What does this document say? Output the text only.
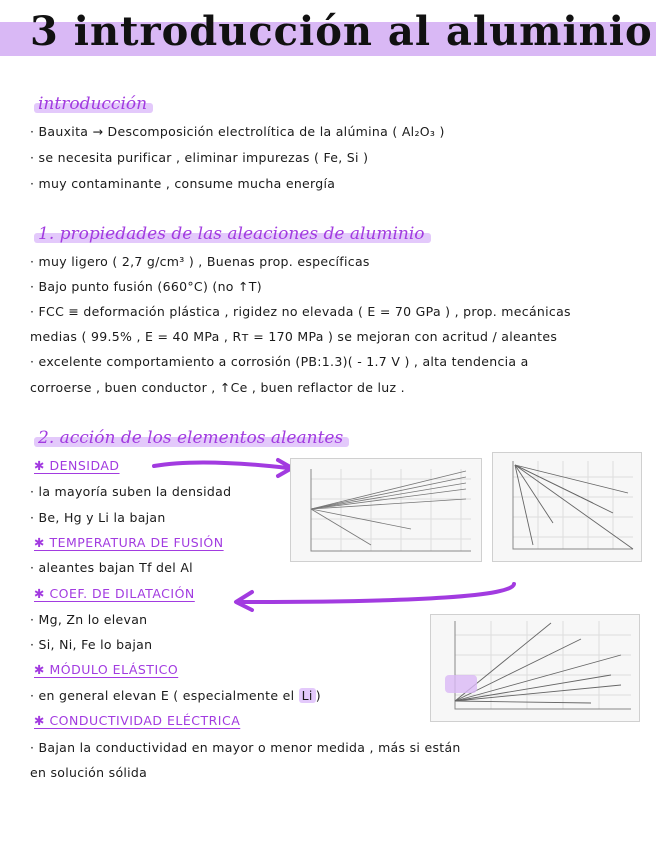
3 introducción al aluminio
introducción

· Bauxita → Descomposición electrolítica de la alúmina ( Al₂O₃ )

· se necesita purificar , eliminar impurezas ( Fe, Si )

· muy contaminante , consume mucha energía

1. propiedades de las aleaciones de aluminio

· muy ligero ( 2,7 g/cm³ ) , Buenas prop. específicas

· Bajo punto fusión (660°C) (no ↑T)

· FCC ≡ deformación plástica , rigidez no elevada ( E = 70 GPa ) , prop. mecánicas

medias ( 99.5% , E = 40 MPa , Rт = 170 MPa ) se mejoran con acritud / aleantes

· excelente comportamiento a corrosión (PB:1.3)( - 1.7 V ) , alta tendencia a

corroerse , buen conductor , ↑Ce , buen reflactor de luz .

2. acción de los elementos aleantes

✱ DENSIDAD

· la mayoría suben la densidad

· Be, Hg y Li la bajan

✱ TEMPERATURA DE FUSIÓN

· aleantes bajan Tf del Al

✱ COEF. DE DILATACIÓN

· Mg, Zn lo elevan

· Si, Ni, Fe lo bajan

✱ MÓDULO ELÁSTICO

· en general elevan E ( especialmente el Li )

✱ CONDUCTIVIDAD ELÉCTRICA

· Bajan la conductividad en mayor o menor medida , más si están

en solución sólida
